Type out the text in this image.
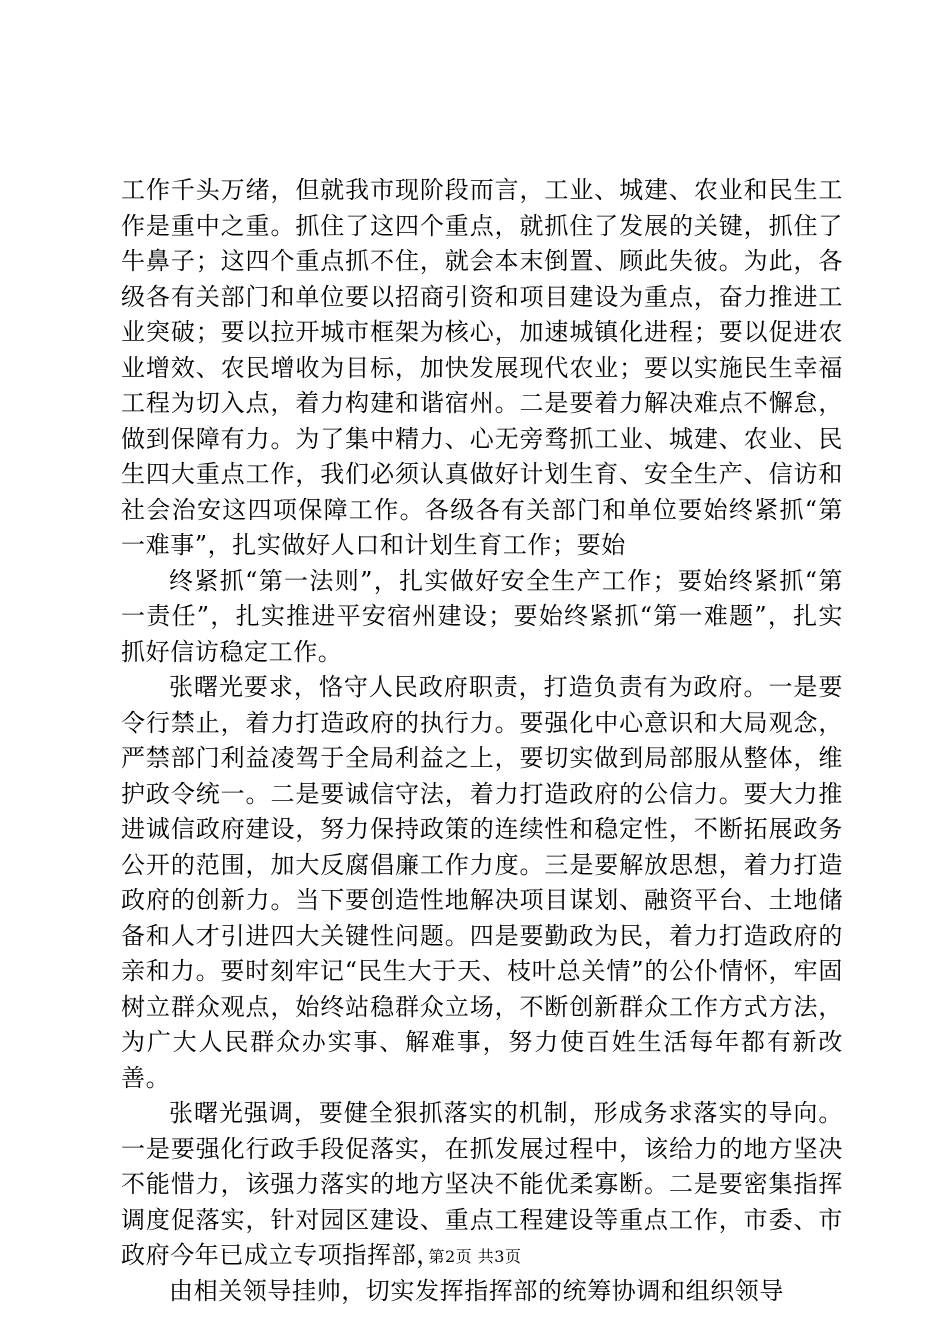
工作千头万绪，但就我市现阶段而言，工业、城建、农业和民生工作是重中之重。抓住了这四个重点，就抓住了发展的关键，抓住了牛鼻子；这四个重点抓不住，就会本末倒置、顾此失彼。为此，各级各有关部门和单位要以招商引资和项目建设为重点，奋力推进工业突破；要以拉开城市框架为核心，加速城镇化进程；要以促进农业增效、农民增收为目标，加快发展现代农业；要以实施民生幸福工程为切入点，着力构建和谐宿州。二是要着力解决难点不懈怠，做到保障有力。为了集中精力、心无旁骛抓工业、城建、农业、民生四大重点工作，我们必须认真做好计划生育、安全生产、信访和社会治安这四项保障工作。各级各有关部门和单位要始终紧抓“第一难事”，扎实做好人口和计划生育工作；要始

终紧抓“第一法则”，扎实做好安全生产工作；要始终紧抓“第一责任”，扎实推进平安宿州建设；要始终紧抓“第一难题”，扎实抓好信访稳定工作。

张曙光要求，恪守人民政府职责，打造负责有为政府。一是要令行禁止，着力打造政府的执行力。要强化中心意识和大局观念，严禁部门利益凌驾于全局利益之上，要切实做到局部服从整体，维护政令统一。二是要诚信守法，着力打造政府的公信力。要大力推进诚信政府建设，努力保持政策的连续性和稳定性，不断拓展政务公开的范围，加大反腐倡廉工作力度。三是要解放思想，着力打造政府的创新力。当下要创造性地解决项目谋划、融资平台、土地储备和人才引进四大关键性问题。四是要勤政为民，着力打造政府的亲和力。要时刻牢记“民生大于天、枝叶总关情”的公仆情怀，牢固树立群众观点，始终站稳群众立场，不断创新群众工作方式方法，为广大人民群众办实事、解难事，努力使百姓生活每年都有新改善。

张曙光强调，要健全狠抓落实的机制，形成务求落实的导向。一是要强化行政手段促落实，在抓发展过程中，该给力的地方坚决不能惜力，该强力落实的地方坚决不能优柔寡断。二是要密集指挥调度促落实，针对园区建设、重点工程建设等重点工作，市委、市政府今年已成立专项指挥部，

由相关领导挂帅，切实发挥指挥部的统筹协调和组织领导

第2页 共3页
